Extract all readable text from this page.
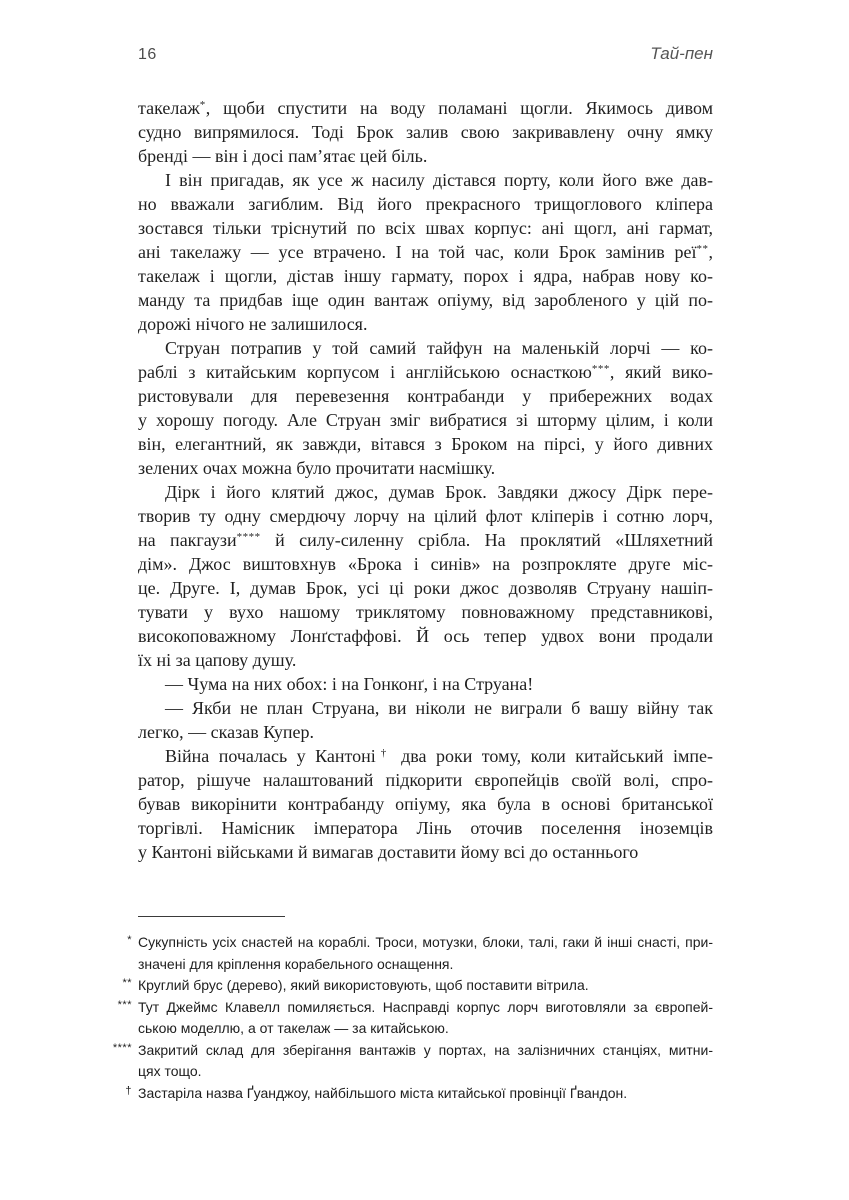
16	Тай-пен
такелаж*, щоби спустити на воду поламані щогли. Якимось дивом
судно випрямилося. Тоді Брок залив свою закривавлену очну ямку
бренді — він і досі пам’ятає цей біль.
І він пригадав, як усе ж насилу дістався порту, коли його вже дав-
но вважали загиблим. Від його прекрасного трищоглового кліпера
зостався тільки тріснутий по всіх швах корпус: ані щогл, ані гармат,
ані такелажу — усе втрачено. І на той час, коли Брок замінив реї**,
такелаж і щогли, дістав іншу гармату, порох і ядра, набрав нову ко-
манду та придбав іще один вантаж опіуму, від заробленого у цій по-
дорожі нічого не залишилося.
Струан потрапив у той самий тайфун на маленькій лорчі — ко-
раблі з китайським корпусом і англійською оснасткою***, який вико-
ристовували для перевезення контрабанди у прибережних водах
у хорошу погоду. Але Струан зміг вибратися зі шторму цілим, і коли
він, елегантний, як завжди, вітався з Броком на пірсі, у його дивних
зелених очах можна було прочитати насмішку.
Дірк і його клятий джос, думав Брок. Завдяки джосу Дірк пере-
творив ту одну смердючу лорчу на цілий флот кліперів і сотню лорч,
на пакгаузи**** й силу-силенну срібла. На проклятий «Шляхетний
дім». Джос виштовхнув «Брока і синів» на розпрокляте друге міс-
це. Друге. І, думав Брок, усі ці роки джос дозволяв Струану нашіп-
тувати у вухо нашому триклятому повноважному представникові,
високоповажному Лонґстаффові. Й ось тепер удвох вони продали
їх ні за цапову душу.
— Чума на них обох: і на Гонконґ, і на Струана!
— Якби не план Струана, ви ніколи не виграли б вашу війну так
легко, — сказав Купер.
Війна почалась у Кантоні† два роки тому, коли китайський імпе-
ратор, рішуче налаштований підкорити європейців своїй волі, спро-
бував викорінити контрабанду опіуму, яка була в основі британської
торгівлі. Намісник імператора Лінь оточив поселення іноземців
у Кантоні військами й вимагав доставити йому всі до останнього
* Сукупність усіх снастей на кораблі. Троси, мотузки, блоки, талі, гаки й інші снасті, при-
значені для кріплення корабельного оснащення.
** Круглий брус (дерево), який використовують, щоб поставити вітрила.
*** Тут Джеймс Клавелл помиляється. Насправді корпус лорч виготовляли за європей-
ською моделлю, а от такелаж — за китайською.
**** Закритий склад для зберігання вантажів у портах, на залізничних станціях, митни-
цях тощо.
† Застаріла назва Ґуанджоу, найбільшого міста китайської провінції Ґвандон.
